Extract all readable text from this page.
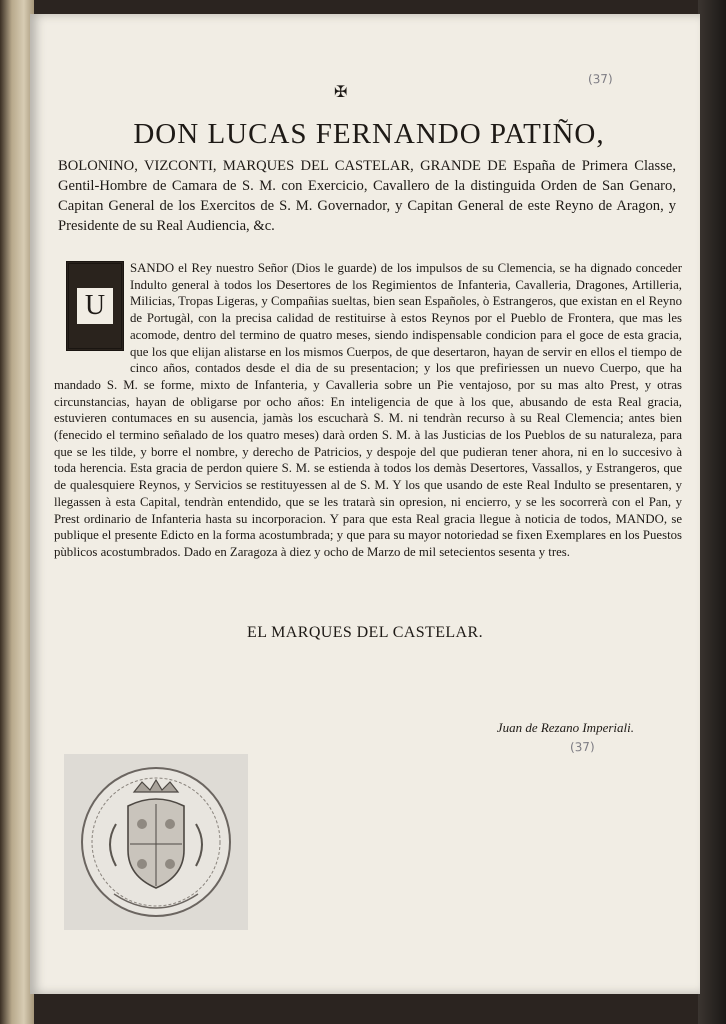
✠
(37)
DON LUCAS FERNANDO PATIÑO,
BOLONINO, VIZCONTI, MARQUES DEL CASTELAR, GRANDE DE España de Primera Classe, Gentil-Hombre de Camara de S. M. con Exercicio, Cavallero de la distinguida Orden de San Genaro, Capitan General de los Exercitos de S. M. Governador, y Capitan General de este Reyno de Aragon, y Presidente de su Real Audiencia, &c.
U
SANDO el Rey nuestro Señor (Dios le guarde) de los impulsos de su Clemencia, se ha dignado conceder Indulto general à todos los Desertores de los Regimientos de Infanteria, Cavalleria, Dragones, Artilleria, Milicias, Tropas Ligeras, y Compañias sueltas, bien sean Españoles, ò Estrangeros, que existan en el Reyno de Portugàl, con la precisa calidad de restituirse à estos Reynos por el Pueblo de Frontera, que mas les acomode, dentro del termino de quatro meses, siendo indispensable condicion para el goce de esta gracia, que los que elijan alistarse en los mismos Cuerpos, de que desertaron, hayan de servir en ellos el tiempo de cinco años, contados desde el dia de su presentacion; y los que prefiriessen un nuevo Cuerpo, que ha mandado S. M. se forme, mixto de Infanteria, y Cavalleria sobre un Pie ventajoso, por su mas alto Prest, y otras circunstancias, hayan de obligarse por ocho años: En inteligencia de que à los que, abusando de esta Real gracia, estuvieren contumaces en su ausencia, jamàs los escucharà S. M. ni tendràn recurso à su Real Clemencia; antes bien (fenecido el termino señalado de los quatro meses) darà orden S. M. à las Justicias de los Pueblos de su naturaleza, para que se les tilde, y borre el nombre, y derecho de Patricios, y despoje del que pudieran tener ahora, ni en lo succesivo à toda herencia. Esta gracia de perdon quiere S. M. se estienda à todos los demàs Desertores, Vassallos, y Estrangeros, que de qualesquiere Reynos, y Servicios se restituyessen al de S. M. Y los que usando de este Real Indulto se presentaren, y llegassen à esta Capital, tendràn entendido, que se les tratarà sin opresion, ni encierro, y se les socorrerà con el Pan, y Prest ordinario de Infanteria hasta su incorporacion. Y para que esta Real gracia llegue à noticia de todos, MANDO, se publique el presente Edicto en la forma acostumbrada; y que para su mayor notoriedad se fixen Exemplares en los Puestos pùblicos acostumbrados. Dado en Zaragoza à diez y ocho de Marzo de mil setecientos sesenta y tres.
EL MARQUES DEL CASTELAR.
Juan de Rezano Imperiali.
(37)
